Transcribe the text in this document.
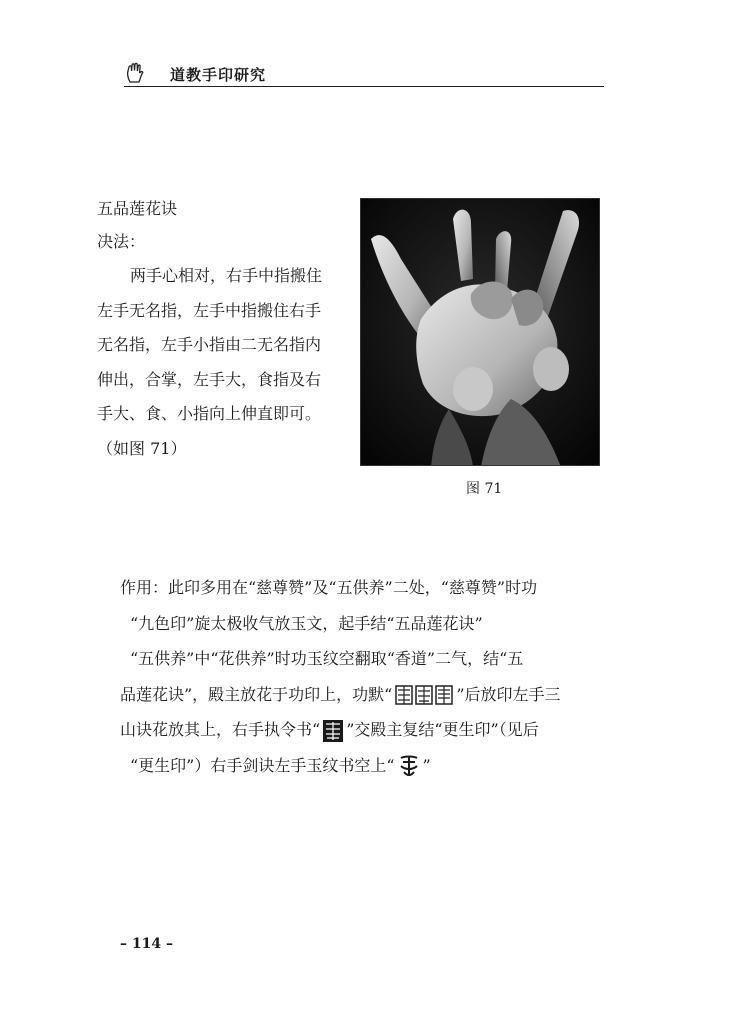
道教手印研究
五品莲花诀
决法：
两手心相对，右手中指搬住
左手无名指，左手中指搬住右手
无名指，左手小指由二无名指内
伸出，合掌，左手大，食指及右
手大、食、小指向上伸直即可。
（如图 71）
图 71
作用：此印多用在“慈尊赞”及“五供养”二处，“慈尊赞”时功
“九色印”旋太极收气放玉文，起手结“五品莲花诀”
“五供养”中“花供养”时功玉纹空翻取“香道”二气，结“五
品莲花诀”，殿主放花于功印上，功默“	”后放印左手三
山诀花放其上，右手执令书“ ”交殿主复结“更生印”（见后
“更生印”）右手剑诀左手玉纹书空上“ ”
– 114 –
